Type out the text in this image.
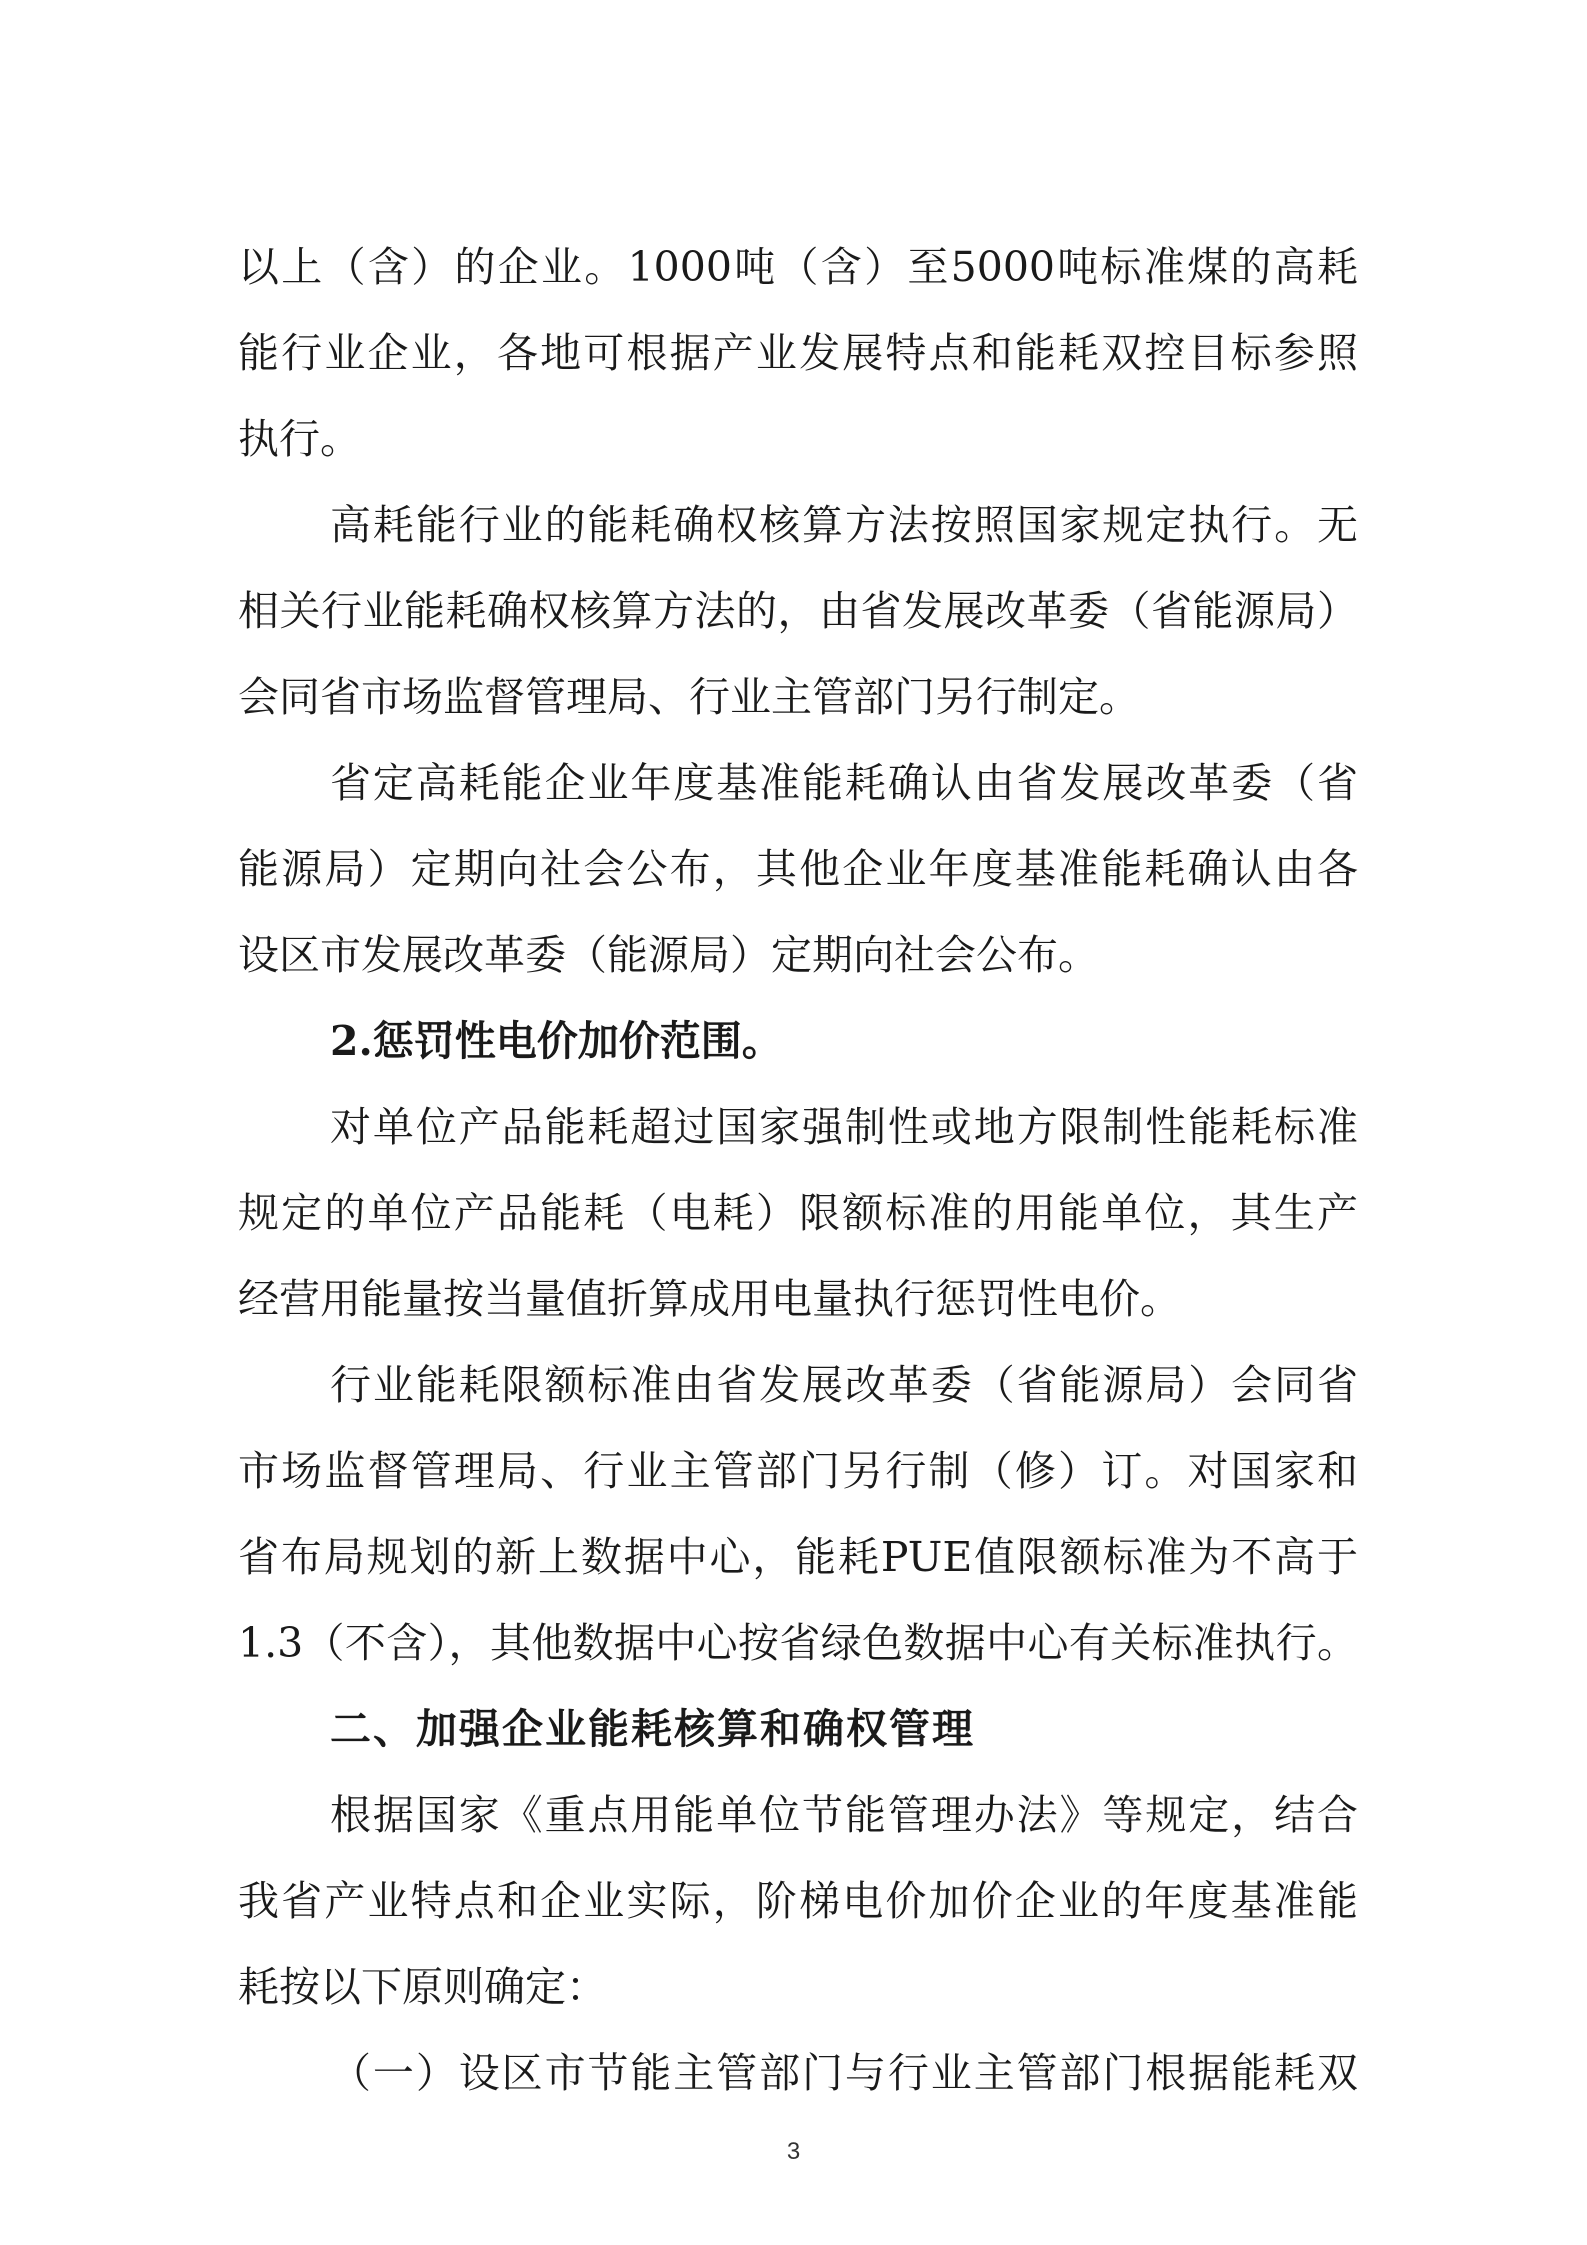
以上（含）的企业。1000吨（含）至5000吨标准煤的高耗
能行业企业，各地可根据产业发展特点和能耗双控目标参照
执行。
高耗能行业的能耗确权核算方法按照国家规定执行。无
相关行业能耗确权核算方法的，由省发展改革委（省能源局）
会同省市场监督管理局、行业主管部门另行制定。
省定高耗能企业年度基准能耗确认由省发展改革委（省
能源局）定期向社会公布，其他企业年度基准能耗确认由各
设区市发展改革委（能源局）定期向社会公布。
2.惩罚性电价加价范围。
对单位产品能耗超过国家强制性或地方限制性能耗标准
规定的单位产品能耗（电耗）限额标准的用能单位，其生产
经营用能量按当量值折算成用电量执行惩罚性电价。
行业能耗限额标准由省发展改革委（省能源局）会同省
市场监督管理局、行业主管部门另行制（修）订。对国家和
省布局规划的新上数据中心，能耗PUE值限额标准为不高于
1.3（不含），其他数据中心按省绿色数据中心有关标准执行。
二、加强企业能耗核算和确权管理
根据国家《重点用能单位节能管理办法》等规定，结合
我省产业特点和企业实际，阶梯电价加价企业的年度基准能
耗按以下原则确定：
（一）设区市节能主管部门与行业主管部门根据能耗双
3
